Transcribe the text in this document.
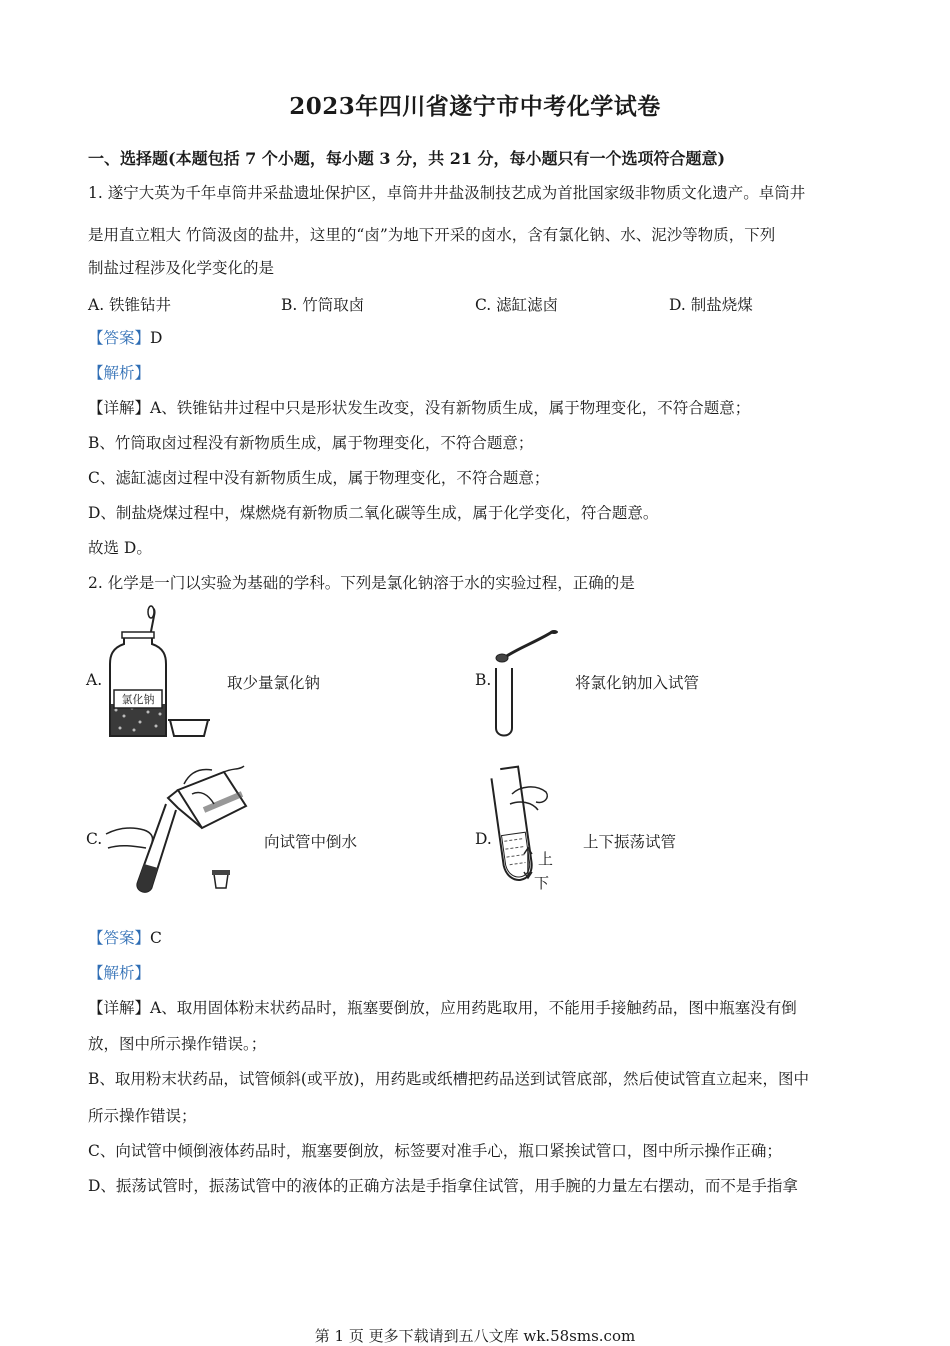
2023年四川省遂宁市中考化学试卷
一、选择题(本题包括 7 个小题，每小题 3 分，共 21 分，每小题只有一个选项符合题意)
1. 遂宁大英为千年卓筒井采盐遗址保护区，卓筒井井盐汲制技艺成为首批国家级非物质文化遗产。卓筒井
是用直立粗大 竹筒汲卤的盐井，这里的“卤”为地下开采的卤水，含有氯化钠、水、泥沙等物质，下列
制盐过程涉及化学变化的是
A. 铁锥钻井	B. 竹筒取卤	C. 滤缸滤卤	D. 制盐烧煤
【答案】D
【解析】
【详解】A、铁锥钻井过程中只是形状发生改变，没有新物质生成，属于物理变化，不符合题意；
B、竹筒取卤过程没有新物质生成，属于物理变化，不符合题意；
C、滤缸滤卤过程中没有新物质生成，属于物理变化，不符合题意；
D、制盐烧煤过程中，煤燃烧有新物质二氧化碳等生成，属于化学变化，符合题意。
故选 D。
2. 化学是一门以实验为基础的学科。下列是氯化钠溶于水的实验过程，正确的是
A.
氯化钠
取少量氯化钠	B.	将氯化钠加入试管
C.	向试管中倒水	D.
上
下
上下振荡试管
【答案】C
【解析】
【详解】A、取用固体粉末状药品时，瓶塞要倒放，应用药匙取用，不能用手接触药品，图中瓶塞没有倒
放，图中所示操作错误。；
B、取用粉末状药品，试管倾斜(或平放)，用药匙或纸槽把药品送到试管底部，然后使试管直立起来，图中
所示操作错误；
C、向试管中倾倒液体药品时，瓶塞要倒放，标签要对准手心，瓶口紧挨试管口，图中所示操作正确；
D、振荡试管时，振荡试管中的液体的正确方法是手指拿住试管，用手腕的力量左右摆动，而不是手指拿
第 1 页 更多下载请到五八文库 wk.58sms.com
